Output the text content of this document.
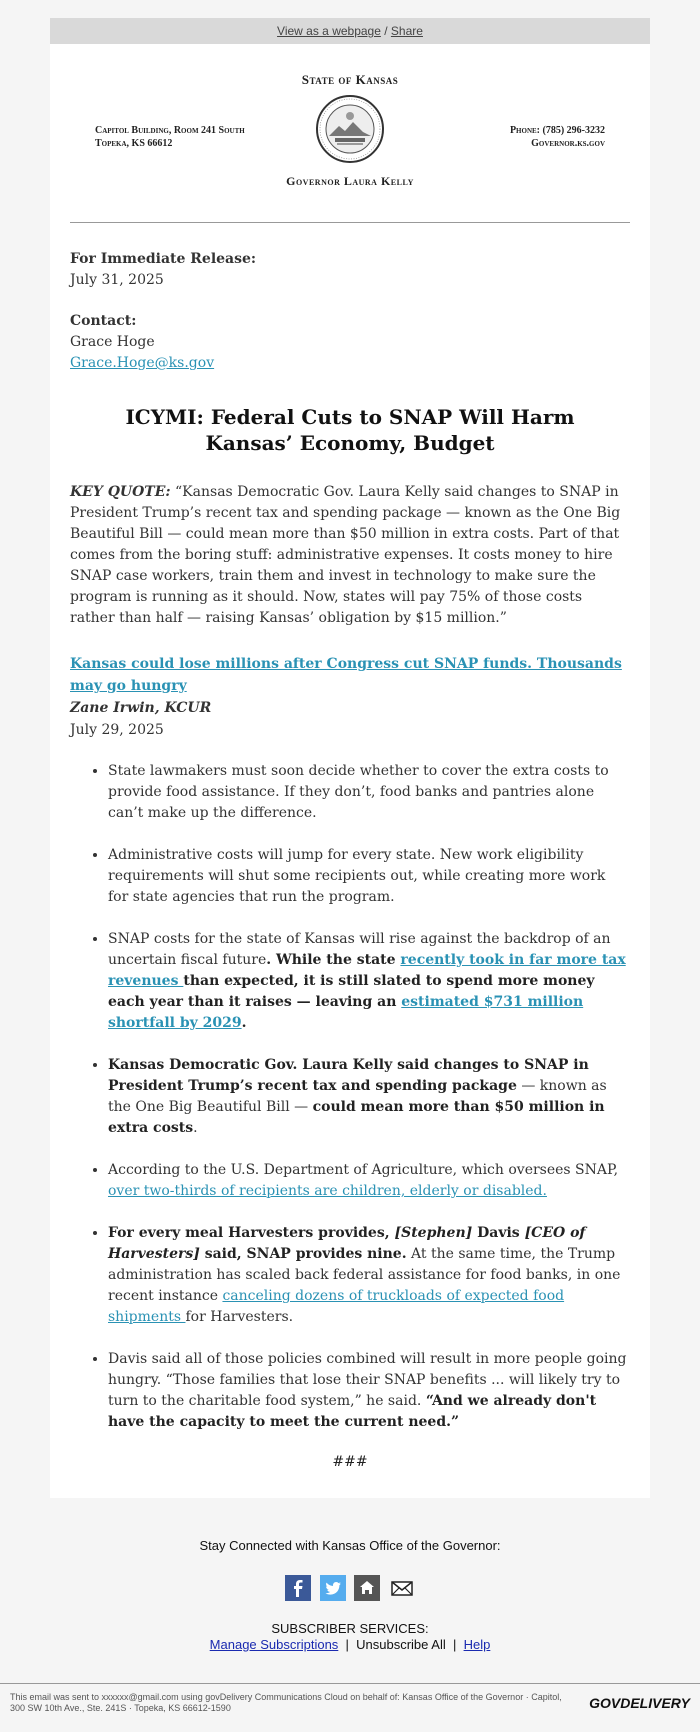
View as a webpage / Share
State of Kansas
Capitol Building, Room 241 South
Topeka, KS 66612
Phone: (785) 296-3232
Governor.ks.gov
Governor Laura Kelly
For Immediate Release:
July 31, 2025
Contact:
Grace Hoge
Grace.Hoge@ks.gov
ICYMI: Federal Cuts to SNAP Will Harm Kansas’ Economy, Budget

KEY QUOTE: “Kansas Democratic Gov. Laura Kelly said changes to SNAP in President Trump’s recent tax and spending package — known as the One Big Beautiful Bill — could mean more than $50 million in extra costs. Part of that comes from the boring stuff: administrative expenses. It costs money to hire SNAP case workers, train them and invest in technology to make sure the program is running as it should. Now, states will pay 75% of those costs rather than half — raising Kansas’ obligation by $15 million.”

Kansas could lose millions after Congress cut SNAP funds. Thousands may go hungry
Zane Irwin, KCUR
July 29, 2025
• State lawmakers must soon decide whether to cover the extra costs to provide food assistance. If they don’t, food banks and pantries alone can’t make up the difference.
• Administrative costs will jump for every state. New work eligibility requirements will shut some recipients out, while creating more work for state agencies that run the program.
• SNAP costs for the state of Kansas will rise against the backdrop of an uncertain fiscal future. While the state recently took in far more tax revenues than expected, it is still slated to spend more money each year than it raises — leaving an estimated $731 million shortfall by 2029.
• Kansas Democratic Gov. Laura Kelly said changes to SNAP in President Trump’s recent tax and spending package — known as the One Big Beautiful Bill — could mean more than $50 million in extra costs.
• According to the U.S. Department of Agriculture, which oversees SNAP, over two-thirds of recipients are children, elderly or disabled.
• For every meal Harvesters provides, [Stephen] Davis [CEO of Harvesters] said, SNAP provides nine. At the same time, the Trump administration has scaled back federal assistance for food banks, in one recent instance canceling dozens of truckloads of expected food shipments for Harvesters.
• Davis said all of those policies combined will result in more people going hungry. “Those families that lose their SNAP benefits ... will likely try to turn to the charitable food system,” he said. “And we already don't have the capacity to meet the current need.”
###
Stay Connected with Kansas Office of the Governor:

SUBSCRIBER SERVICES:
Manage Subscriptions  |  Unsubscribe All  |  Help
This email was sent to xxxxxx@gmail.com using govDelivery Communications Cloud on behalf of: Kansas Office of the Governor · Capitol, 300 SW 10th Ave., Ste. 241S · Topeka, KS 66612-1590	GOVDELIVERY
